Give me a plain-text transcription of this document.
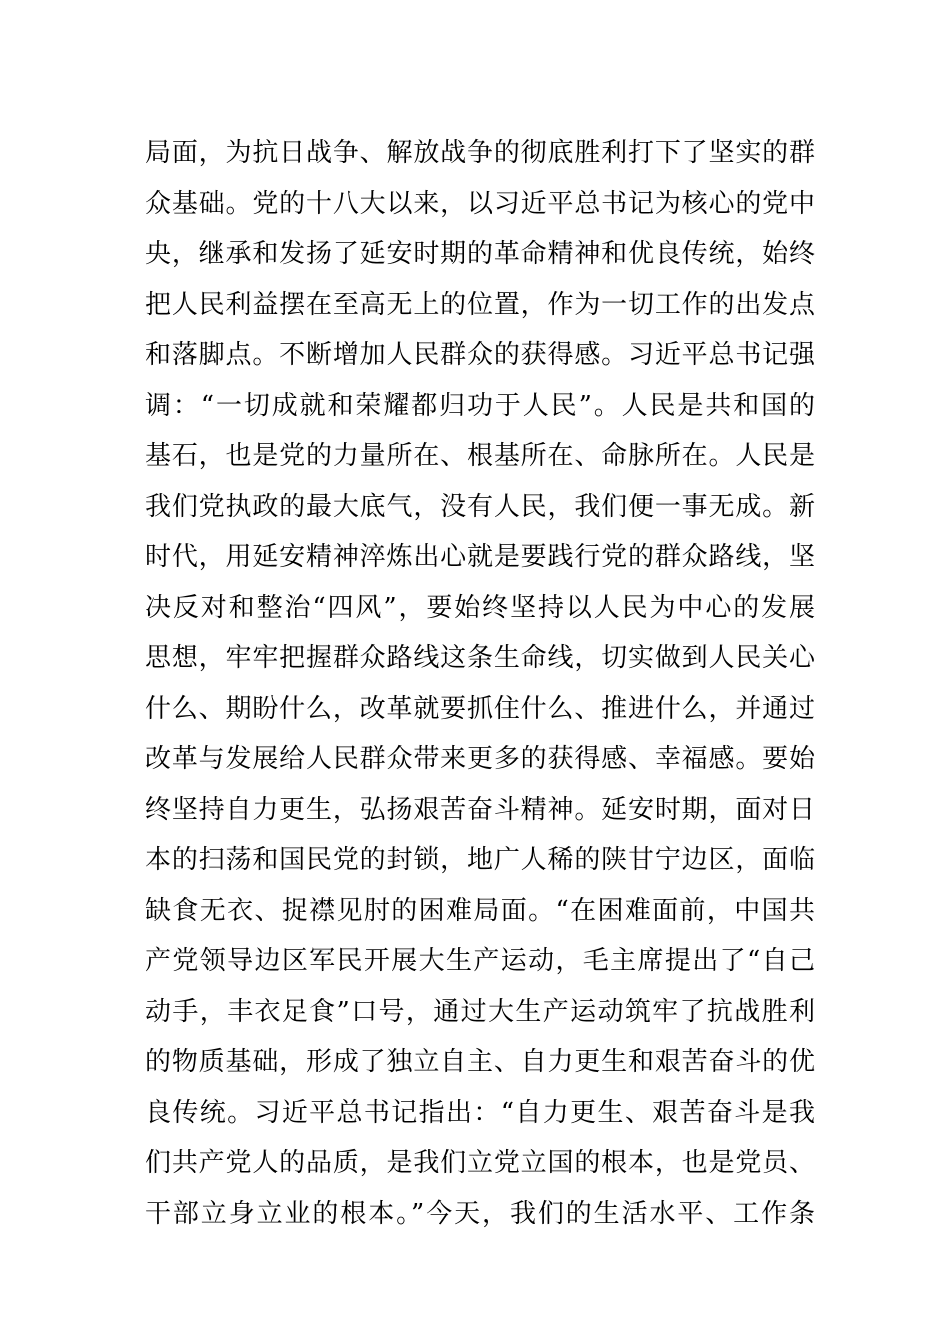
局面，为抗日战争、解放战争的彻底胜利打下了坚实的群
众基础。党的十八大以来，以习近平总书记为核心的党中
央，继承和发扬了延安时期的革命精神和优良传统，始终
把人民利益摆在至高无上的位置，作为一切工作的出发点
和落脚点。不断增加人民群众的获得感。习近平总书记强
调：“一切成就和荣耀都归功于人民”。人民是共和国的
基石，也是党的力量所在、根基所在、命脉所在。人民是
我们党执政的最大底气，没有人民，我们便一事无成。新
时代，用延安精神淬炼出心就是要践行党的群众路线，坚
决反对和整治“四风”，要始终坚持以人民为中心的发展
思想，牢牢把握群众路线这条生命线，切实做到人民关心
什么、期盼什么，改革就要抓住什么、推进什么，并通过
改革与发展给人民群众带来更多的获得感、幸福感。要始
终坚持自力更生，弘扬艰苦奋斗精神。延安时期，面对日
本的扫荡和国民党的封锁，地广人稀的陕甘宁边区，面临
缺食无衣、捉襟见肘的困难局面。“在困难面前，中国共
产党领导边区军民开展大生产运动，毛主席提出了“自己
动手，丰衣足食”口号，通过大生产运动筑牢了抗战胜利
的物质基础，形成了独立自主、自力更生和艰苦奋斗的优
良传统。习近平总书记指出：“自力更生、艰苦奋斗是我
们共产党人的品质，是我们立党立国的根本，也是党员、
干部立身立业的根本。”今天，我们的生活水平、工作条
